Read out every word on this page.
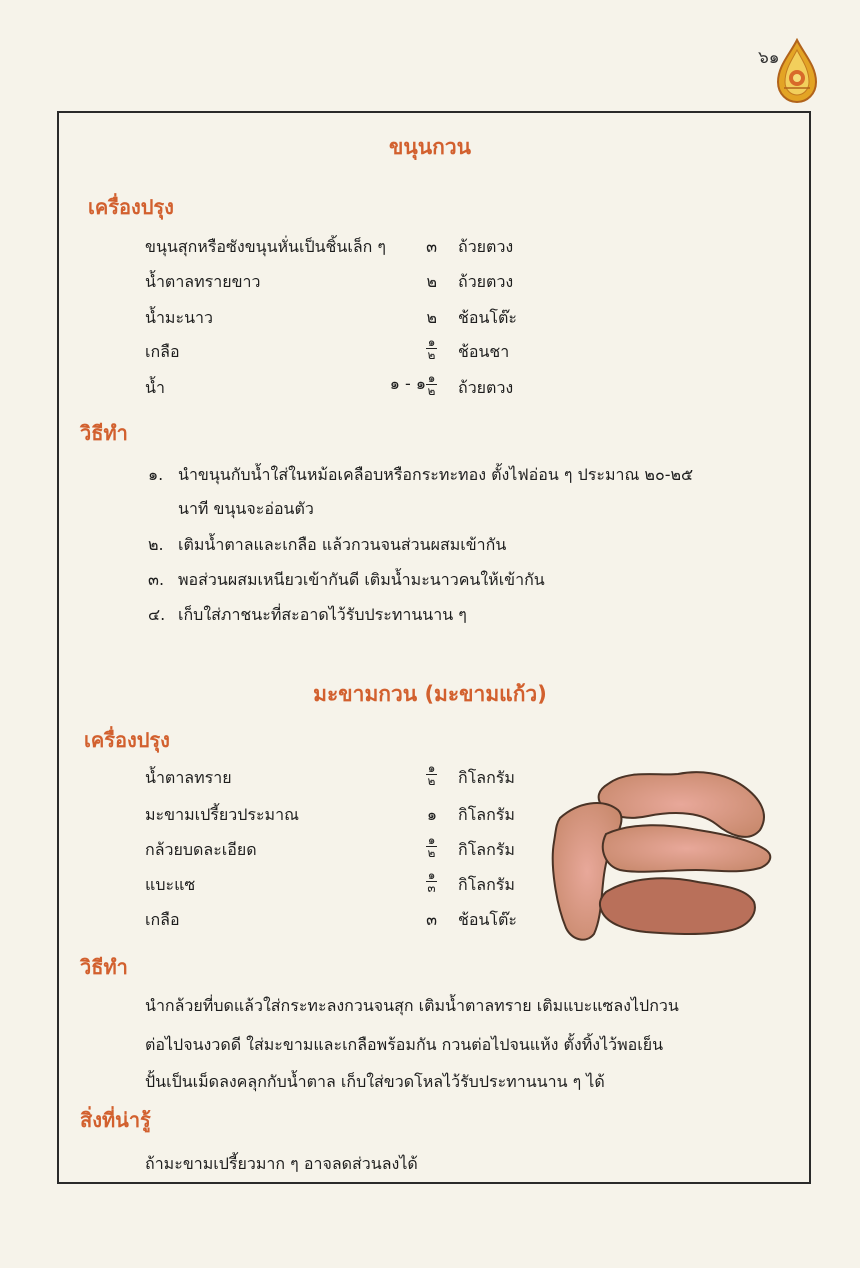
๖๑
ขนุนกวน
เครื่องปรุง
ขนุนสุกหรือซังขนุนหั่นเป็นชิ้นเล็ก ๆ	๓ ถ้วยตวง
น้ำตาลทรายขาว	๒ ถ้วยตวง
น้ำมะนาว	๒ ช้อนโต๊ะ
เกลือ	$\frac{๑}{๒}$ ช้อนชา
น้ำ	๑ - ๑ $\frac{๑}{๒}$ ถ้วยตวง
วิธีทำ
๑. นำขนุนกับน้ำใส่ในหม้อเคลือบหรือกระทะทอง ตั้งไฟอ่อน ๆ ประมาณ ๒๐-๒๕
นาที ขนุนจะอ่อนตัว
๒. เติมน้ำตาลและเกลือ แล้วกวนจนส่วนผสมเข้ากัน
๓. พอส่วนผสมเหนียวเข้ากันดี เติมน้ำมะนาวคนให้เข้ากัน
๔. เก็บใส่ภาชนะที่สะอาดไว้รับประทานนาน ๆ
มะขามกวน (มะขามแก้ว)
เครื่องปรุง
น้ำตาลทราย	$\frac{๑}{๒}$ กิโลกรัม
มะขามเปรี้ยวประมาณ	๑ กิโลกรัม
กล้วยบดละเอียด	$\frac{๑}{๒}$ กิโลกรัม
แบะแซ	$\frac{๑}{๓}$ กิโลกรัม
เกลือ	๓ ช้อนโต๊ะ
วิธีทำ
นำกล้วยที่บดแล้วใส่กระทะลงกวนจนสุก เติมน้ำตาลทราย เติมแบะแซลงไปกวน
ต่อไปจนงวดดี ใส่มะขามและเกลือพร้อมกัน กวนต่อไปจนแห้ง ตั้งทิ้งไว้พอเย็น
ปั้นเป็นเม็ดลงคลุกกับน้ำตาล เก็บใส่ขวดโหลไว้รับประทานนาน ๆ ได้
สิ่งที่น่ารู้
ถ้ามะขามเปรี้ยวมาก ๆ อาจลดส่วนลงได้
